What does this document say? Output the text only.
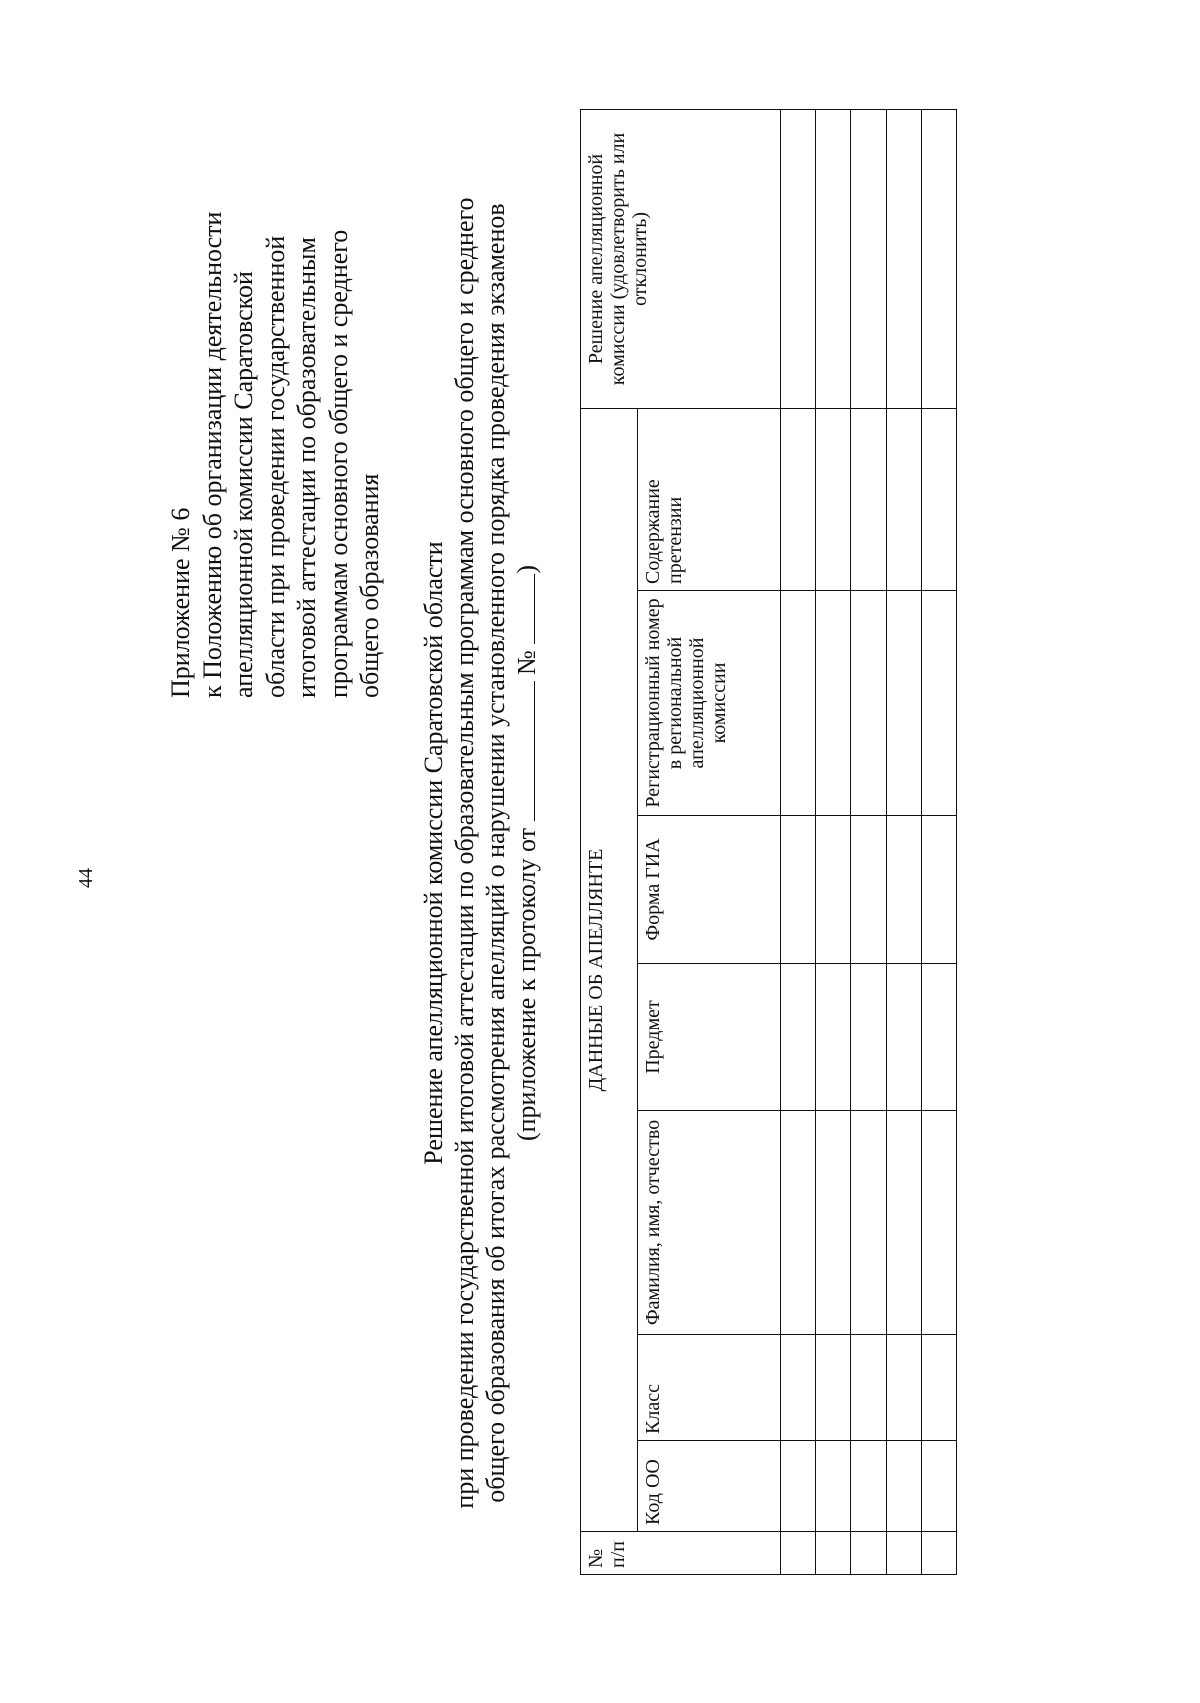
44
Приложение № 6 к Положению об организации деятельности апелляционной комиссии Саратовской области при проведении государственной итоговой аттестации по образовательным программам основного общего и среднего общего образования Решение апелляционной комиссии Саратовской области при проведении государственной итоговой аттестации по образовательным программам основного общего и среднего общего образования об итогах рассмотрения апелляций о нарушении установленного порядка проведения экзаменов (приложение к протоколу от  № )
№ п/п	ДАННЫЕ ОБ АПЕЛЛЯНТЕ							Решение апелляционной комиссии (удовлетворить или отклонить)
	Код ОО	Класс	Фамилия, имя, отчество	Предмет	Форма ГИА	Регистрационный номер в региональной апелляционной комиссии	Содержание претензии	
